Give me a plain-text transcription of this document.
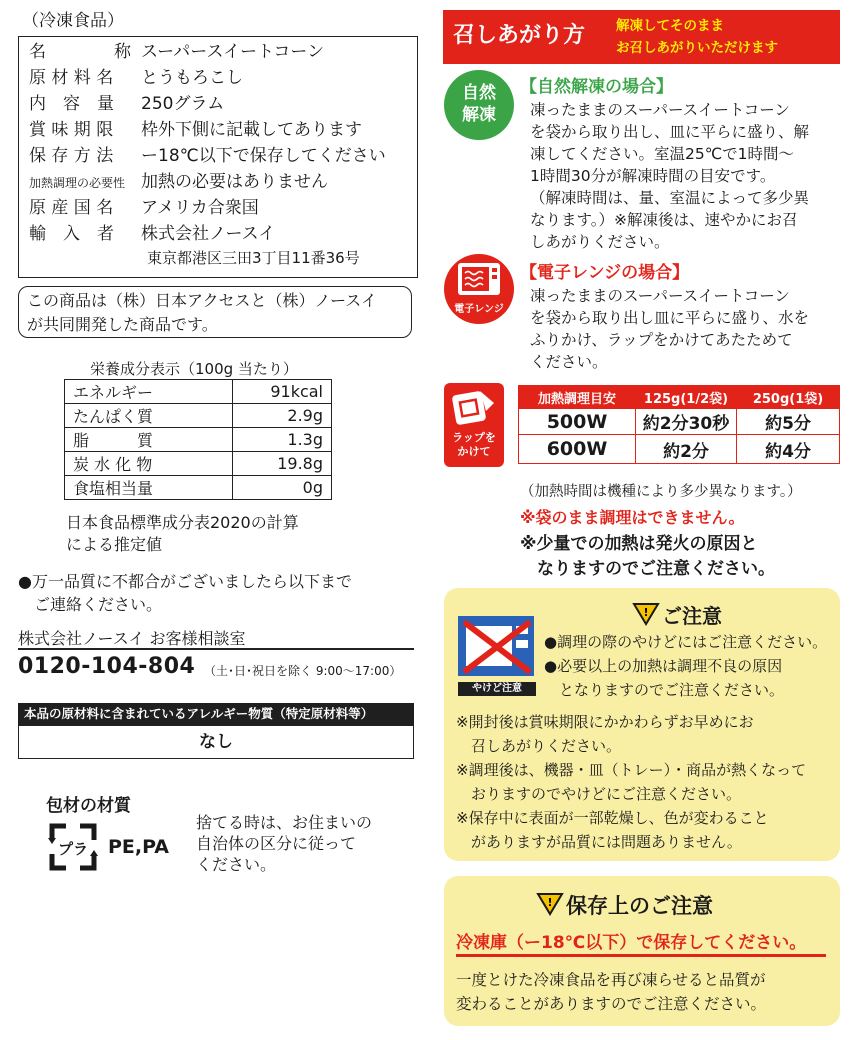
（冷凍食品）
名　　　　称 スーパースイートコーン
原 材 料 名 とうもろこし
内　容　量 250グラム
賞 味 期 限 枠外下側に記載してあります
保 存 方 法 ー18℃以下で保存してください
加熱調理の必要性 加熱の必要はありません
原 産 国 名 アメリカ合衆国
輸　入　者 株式会社ノースイ
東京都港区三田3丁目11番36号
この商品は（株）日本アクセスと（株）ノースイ
が共同開発した商品です。
栄養成分表示（100g 当たり）
エネルギー	91kcal
たんぱく質	2.9g
脂　　　質	1.3g
炭 水 化 物	19.8g
食塩相当量	0g
日本食品標準成分表2020の計算
による推定値
●万一品質に不都合がございましたら以下まで
　ご連絡ください。
株式会社ノースイ お客様相談室
0120-104-804 （土･日･祝日を除く 9:00〜17:00）
本品の原材料に含まれているアレルギー物質（特定原材料等）
なし
包材の材質
プラ PE,PA
捨てる時は、お住まいの
自治体の区分に従って
ください。
召しあがり方 解凍してそのまま
お召しあがりいただけます
自然
解凍
【自然解凍の場合】
凍ったままのスーパースイートコーン
を袋から取り出し、皿に平らに盛り、解
凍してください。室温25℃で1時間〜
1時間30分が解凍時間の目安です。
（解凍時間は、量、室温によって多少異
なります。）※解凍後は、速やかにお召
しあがりください。
電子レンジ
【電子レンジの場合】
凍ったままのスーパースイートコーン
を袋から取り出し皿に平らに盛り、水を
ふりかけ、ラップをかけてあたためて
ください。
ラップを
かけて
加熱調理目安	125g(1/2袋)	250g(1袋)
500W	約2分30秒	約5分
600W	約2分	約4分
（加熱時間は機種により多少異なります。）
※袋のまま調理はできません。
※少量での加熱は発火の原因と
　なりますのでご注意ください。
! ご注意
やけど注意
●調理の際のやけどにはご注意ください。
●必要以上の加熱は調理不良の原因
　となりますのでご注意ください。
※開封後は賞味期限にかかわらずお早めにお
　召しあがりください。
※調理後は、機器・皿（トレー）・商品が熱くなって
　おりますのでやけどにご注意ください。
※保存中に表面が一部乾燥し、色が変わること
　がありますが品質には問題ありません。
! 保存上のご注意
冷凍庫（ー18℃以下）で保存してください。
一度とけた冷凍食品を再び凍らせると品質が
変わることがありますのでご注意ください。
